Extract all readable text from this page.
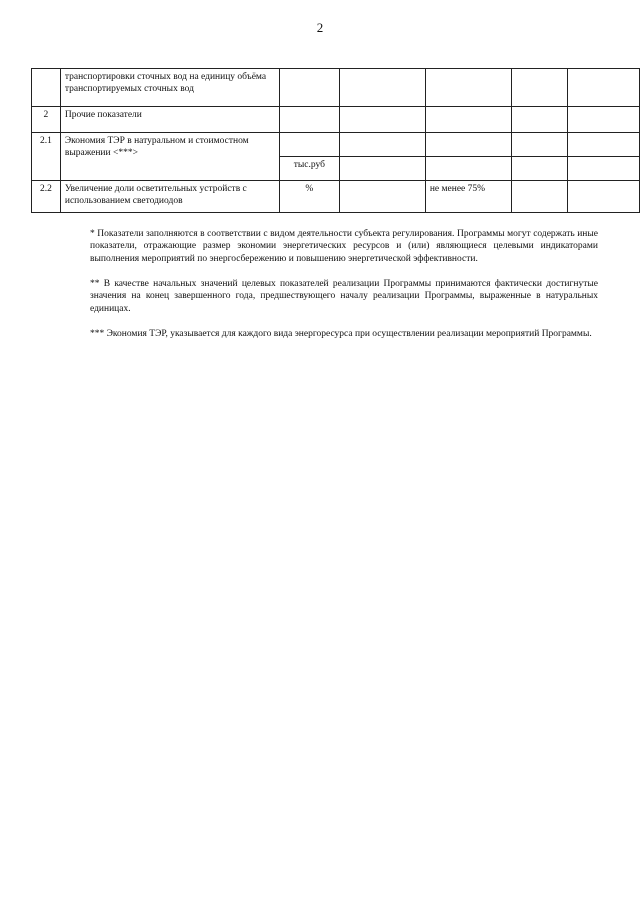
2
	транспортировки сточных вод на единицу объёма транспортируемых сточных вод					
2	Прочие показатели					
2.1	Экономия ТЭР в натуральном и стоимостном выражении <***>					
		тыс.руб				
2.2	Увеличение доли осветительных устройств с использованием светодиодов	%		не менее 75%		

* Показатели заполняются в соответствии с видом деятельности субъекта регулирования. Программы могут содержать иные показатели, отражающие размер экономии энергетических ресурсов и (или) являющиеся целевыми индикаторами выполнения мероприятий по энергосбережению и повышению энергетической эффективности.

** В качестве начальных значений целевых показателей реализации Программы принимаются фактически достигнутые значения на конец завершенного года, предшествующего началу реализации Программы, выраженные в натуральных единицах.

*** Экономия ТЭР, указывается для каждого вида энергоресурса при осуществлении реализации мероприятий Программы.
